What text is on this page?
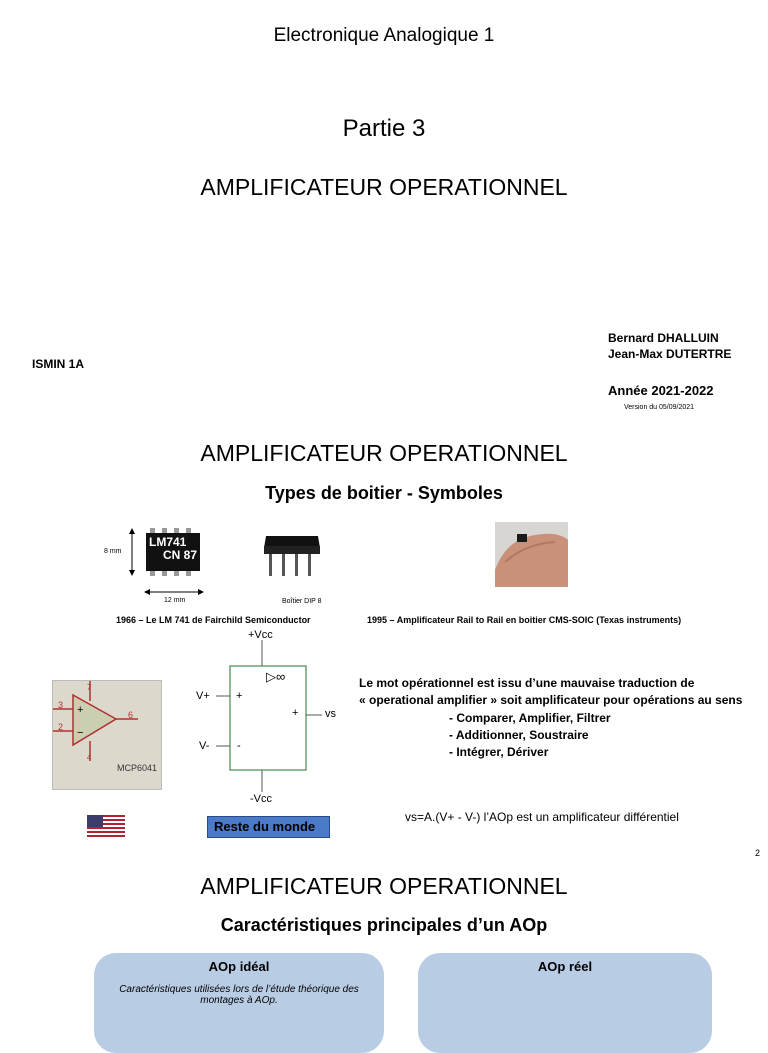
Electronique Analogique 1
Partie 3
AMPLIFICATEUR OPERATIONNEL
ISMIN 1A
Bernard DHALLUIN
Jean-Max DUTERTRE
Année 2021-2022
Version du 05/09/2021
AMPLIFICATEUR OPERATIONNEL
Types de boitier - Symboles
LM741
CN 87
8 mm
12 mm	Boîtier DIP 8
1966 – Le LM 741 de Fairchild Semiconductor	1995 – Amplificateur Rail to Rail en boitier CMS-SOIC (Texas instruments)
+
−
3
2
6
7
4
MCP6041
+Vcc
-Vcc
V+
V-
+
-
+ vs
▷∞	Le mot opérationnel est issu d’une mauvaise traduction de
« operational amplifier » soit amplificateur pour opérations au sens
- Comparer, Amplifier, Filtrer
- Additionner, Soustraire
- Intégrer, Dériver
Reste du monde
vs=A.(V+ - V-) l’AOp est un amplificateur différentiel
2
AMPLIFICATEUR OPERATIONNEL
Caractéristiques principales d’un AOp
AOp idéal
Caractéristiques utilisées lors de l’étude théorique des montages à AOp.
AOp réel
